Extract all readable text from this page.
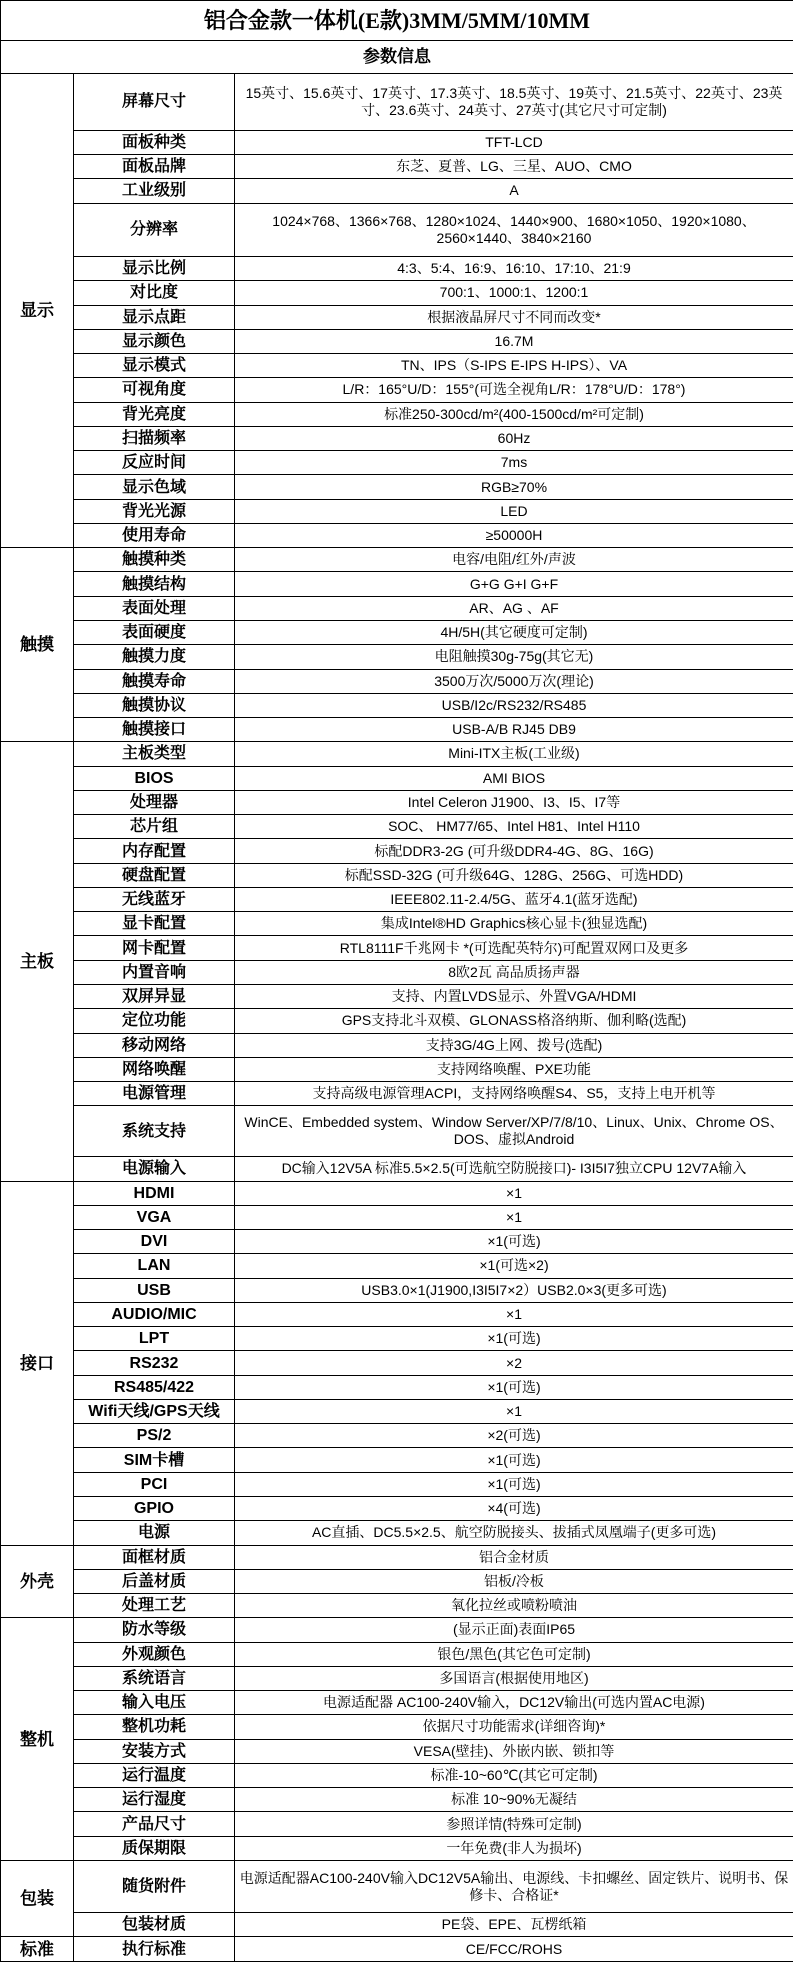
铝合金款一体机(E款)3MM/5MM/10MM		
参数信息		
显示	屏幕尺寸	15英寸、15.6英寸、17英寸、17.3英寸、18.5英寸、19英寸、21.5英寸、22英寸、23英寸、23.6英寸、24英寸、27英寸(其它尺寸可定制)
	面板种类	TFT-LCD
	面板品牌	东芝、夏普、LG、三星、AUO、CMO
	工业级别	A
	分辨率	1024×768、1366×768、1280×1024、1440×900、1680×1050、1920×1080、2560×1440、3840×2160
	显示比例	4:3、5:4、16:9、16:10、17:10、21:9
	对比度	700:1、1000:1、1200:1
	显示点距	根据液晶屏尺寸不同而改变*
	显示颜色	16.7M
	显示模式	TN、IPS（S-IPS E-IPS H-IPS）、VA
	可视角度	L/R：165°U/D：155°(可选全视角L/R：178°U/D：178°)
	背光亮度	标准250-300cd/m²(400-1500cd/m²可定制)
	扫描频率	60Hz
	反应时间	7ms
	显示色域	RGB≥70%
	背光光源	LED
	使用寿命	≥50000H
触摸	触摸种类	电容/电阻/红外/声波
	触摸结构	G+G G+I G+F
	表面处理	AR、AG 、AF
	表面硬度	4H/5H(其它硬度可定制)
	触摸力度	电阻触摸30g-75g(其它无)
	触摸寿命	3500万次/5000万次(理论)
	触摸协议	USB/I2c/RS232/RS485
	触摸接口	USB-A/B RJ45 DB9
主板	主板类型	Mini-ITX主板(工业级)
	BIOS	AMI BIOS
	处理器	Intel Celeron J1900、I3、I5、I7等
	芯片组	SOC、 HM77/65、Intel H81、Intel H110
	内存配置	标配DDR3-2G (可升级DDR4-4G、8G、16G)
	硬盘配置	标配SSD-32G (可升级64G、128G、256G、可选HDD)
	无线蓝牙	IEEE802.11-2.4/5G、蓝牙4.1(蓝牙选配)
	显卡配置	集成Intel®HD Graphics核心显卡(独显选配)
	网卡配置	RTL8111F千兆网卡 *(可选配英特尔)可配置双网口及更多
	内置音响	8欧2瓦 高品质扬声器
	双屏异显	支持、内置LVDS显示、外置VGA/HDMI
	定位功能	GPS支持北斗双模、GLONASS格洛纳斯、伽利略(选配)
	移动网络	支持3G/4G上网、拨号(选配)
	网络唤醒	支持网络唤醒、PXE功能
	电源管理	支持高级电源管理ACPI，支持网络唤醒S4、S5，支持上电开机等
	系统支持	WinCE、Embedded system、Window Server/XP/7/8/10、Linux、Unix、Chrome OS、DOS、虚拟Android
	电源输入	DC输入12V5A 标准5.5×2.5(可选航空防脱接口)- I3I5I7独立CPU 12V7A输入
接口	HDMI	×1
	VGA	×1
	DVI	×1(可选)
	LAN	×1(可选×2)
	USB	USB3.0×1(J1900,I3I5I7×2）USB2.0×3(更多可选)
	AUDIO/MIC	×1
	LPT	×1(可选)
	RS232	×2
	RS485/422	×1(可选)
	Wifi天线/GPS天线	×1
	PS/2	×2(可选)
	SIM卡槽	×1(可选)
	PCI	×1(可选)
	GPIO	×4(可选)
	电源	AC直插、DC5.5×2.5、航空防脱接头、拔插式凤凰端子(更多可选)
外壳	面框材质	铝合金材质
	后盖材质	铝板/冷板
	处理工艺	氧化拉丝或喷粉喷油
整机	防水等级	(显示正面)表面IP65
	外观颜色	银色/黑色(其它色可定制)
	系统语言	多国语言(根据使用地区)
	输入电压	电源适配器 AC100-240V输入，DC12V输出(可选内置AC电源)
	整机功耗	依据尺寸功能需求(详细咨询)*
	安装方式	VESA(壁挂)、外嵌内嵌、锁扣等
	运行温度	标准-10~60℃(其它可定制)
	运行湿度	标准 10~90%无凝结
	产品尺寸	参照详情(特殊可定制)
	质保期限	一年免费(非人为损坏)
包装	随货附件	电源适配器AC100-240V输入DC12V5A输出、电源线、卡扣螺丝、固定铁片、说明书、保修卡、合格证*
	包装材质	PE袋、EPE、瓦楞纸箱
标准	执行标准	CE/FCC/ROHS
